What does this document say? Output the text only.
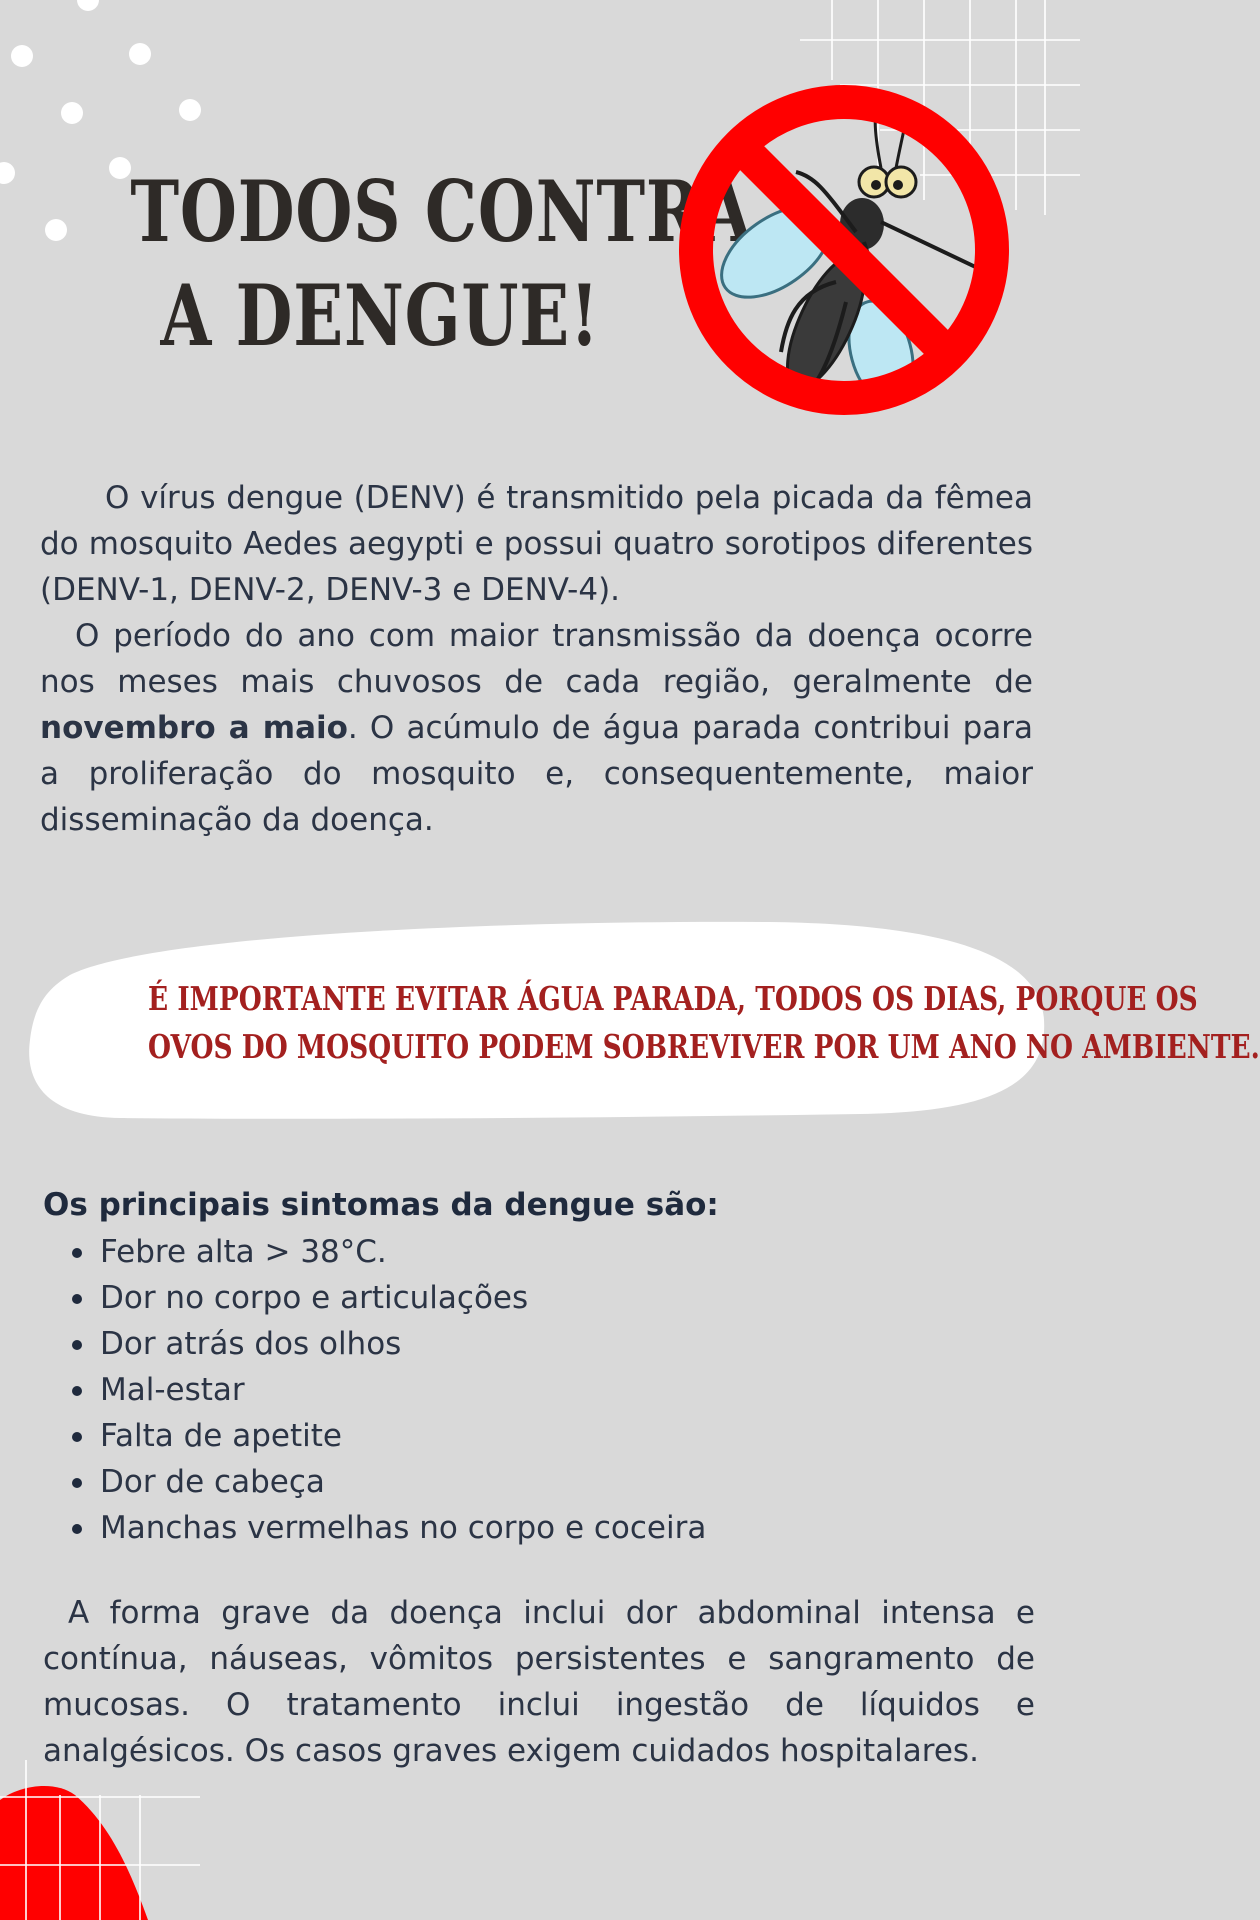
TODOS CONTRA
A DENGUE!
O vírus dengue (DENV) é transmitido pela picada da fêmea do mosquito Aedes aegypti e possui quatro sorotipos diferentes (DENV-1, DENV-2, DENV-3 e DENV-4).
O período do ano com maior transmissão da doença ocorre nos meses mais chuvosos de cada região, geralmente de novembro a maio. O acúmulo de água parada contribui para a proliferação do mosquito e, consequentemente, maior disseminação da doença.
É IMPORTANTE EVITAR ÁGUA PARADA, TODOS OS DIAS, PORQUE OS
OVOS DO MOSQUITO PODEM SOBREVIVER POR UM ANO NO AMBIENTE.
Os principais sintomas da dengue são:
Febre alta > 38°C.
Dor no corpo e articulações
Dor atrás dos olhos
Mal-estar
Falta de apetite
Dor de cabeça
Manchas vermelhas no corpo e coceira
A forma grave da doença inclui dor abdominal intensa e contínua, náuseas, vômitos persistentes e sangramento de mucosas. O tratamento inclui ingestão de líquidos e analgésicos. Os casos graves exigem cuidados hospitalares.
